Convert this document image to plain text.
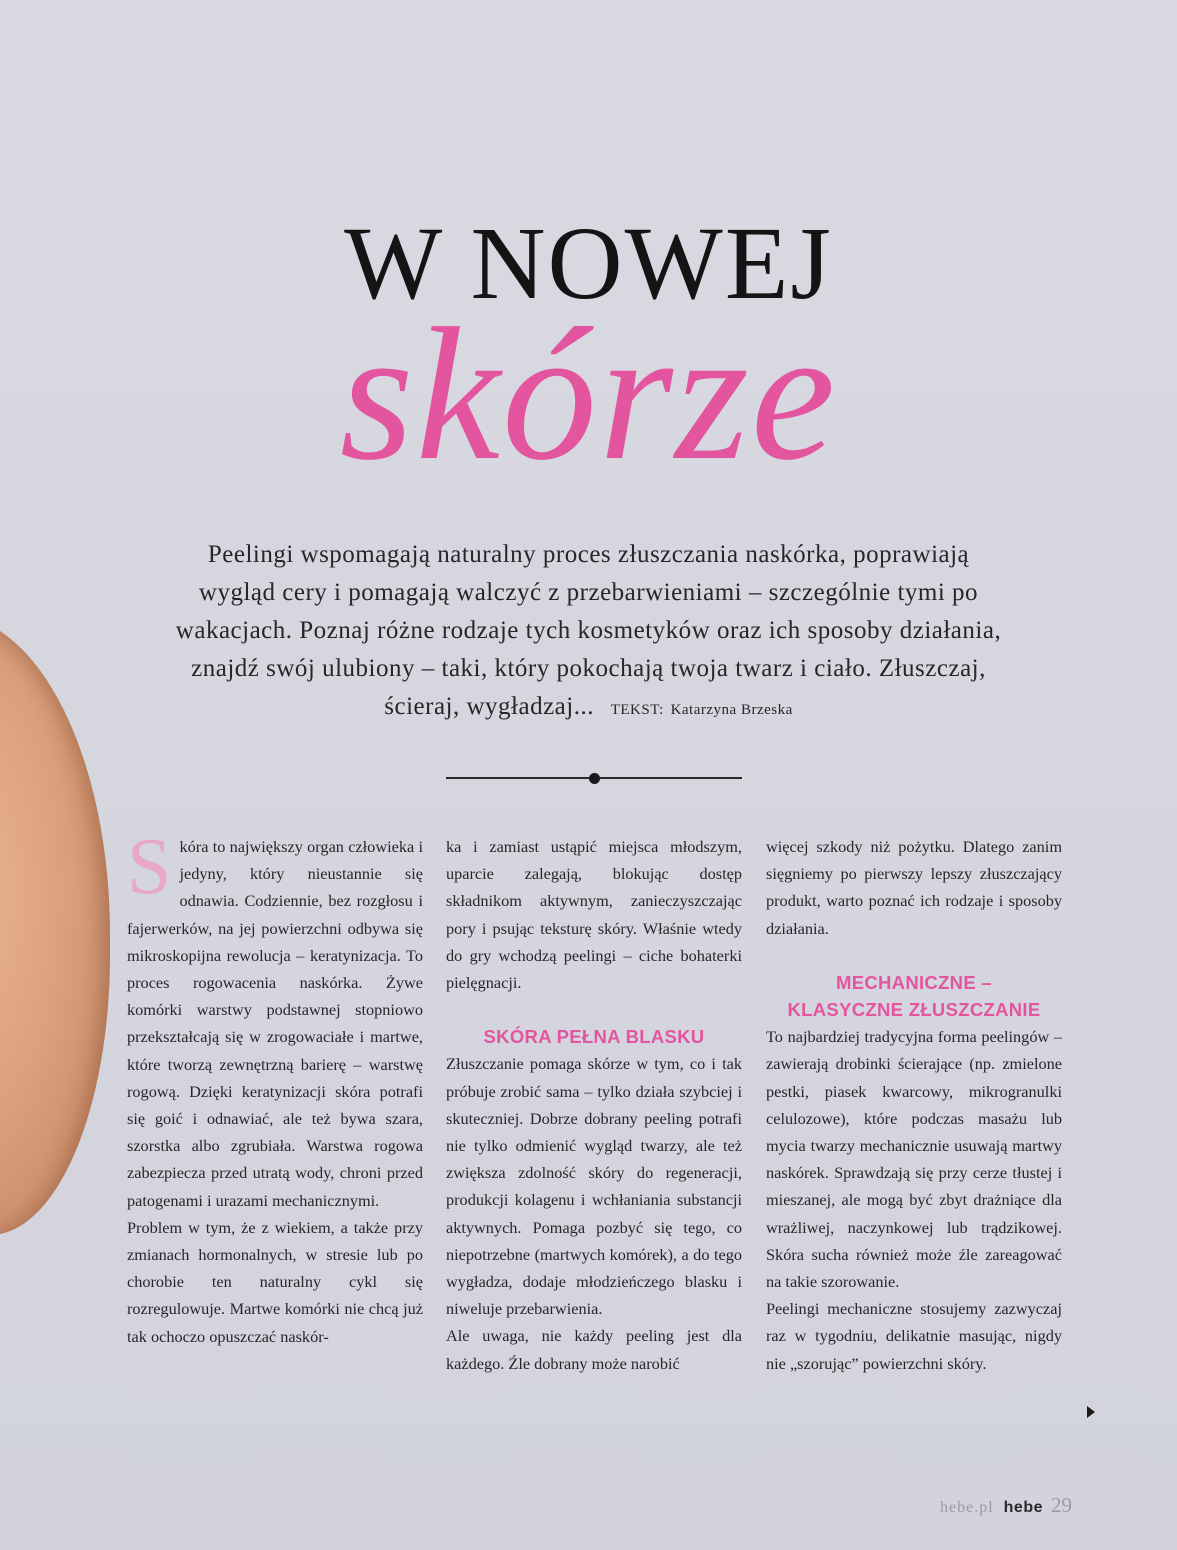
W NOWEJ
skórze
Peelingi wspomagają naturalny proces złuszczania naskórka, poprawiają wygląd cery i pomagają walczyć z przebarwieniami – szczególnie tymi po wakacjach. Poznaj różne rodzaje tych kosmetyków oraz ich sposoby działania, znajdź swój ulubiony – taki, który pokochają twoja twarz i ciało. Złuszczaj, ścieraj, wygładzaj... TEKST: Katarzyna Brzeska

Skóra to największy organ człowieka i jedyny, który nieustannie się odnawia. Codziennie, bez rozgłosu i fajerwerków, na jej powierzchni odbywa się mikroskopijna rewolucja – keratynizacja. To proces rogowacenia naskórka. Żywe komórki warstwy podstawnej stopniowo przekształcają się w zrogowaciałe i martwe, które tworzą zewnętrzną barierę – warstwę rogową. Dzięki keratynizacji skóra potrafi się goić i odnawiać, ale też bywa szara, szorstka albo zgrubiała. Warstwa rogowa zabezpiecza przed utratą wody, chroni przed patogenami i urazami mechanicznymi.

Problem w tym, że z wiekiem, a także przy zmianach hormonalnych, w stresie lub po chorobie ten naturalny cykl się rozregulowuje. Martwe komórki nie chcą już tak ochoczo opuszczać naskór-

ka i zamiast ustąpić miejsca młodszym, uparcie zalegają, blokując dostęp składnikom aktywnym, zanieczyszczając pory i psując teksturę skóry. Właśnie wtedy do gry wchodzą peelingi – ciche bohaterki pielęgnacji.

SKÓRA PEŁNA BLASKU

Złuszczanie pomaga skórze w tym, co i tak próbuje zrobić sama – tylko działa szybciej i skuteczniej. Dobrze dobrany peeling potrafi nie tylko odmienić wygląd twarzy, ale też zwiększa zdolność skóry do regeneracji, produkcji kolagenu i wchłaniania substancji aktywnych. Pomaga pozbyć się tego, co niepotrzebne (martwych komórek), a do tego wygładza, dodaje młodzieńczego blasku i niweluje przebarwienia.

Ale uwaga, nie każdy peeling jest dla każdego. Źle dobrany może narobić

więcej szkody niż pożytku. Dlatego zanim sięgniemy po pierwszy lepszy złuszczający produkt, warto poznać ich rodzaje i sposoby działania.

MECHANICZNE –
KLASYCZNE ZŁUSZCZANIE

To najbardziej tradycyjna forma peelingów – zawierają drobinki ścierające (np. zmielone pestki, piasek kwarcowy, mikrogranulki celulozowe), które podczas masażu lub mycia twarzy mechanicznie usuwają martwy naskórek. Sprawdzają się przy cerze tłustej i mieszanej, ale mogą być zbyt drażniące dla wrażliwej, naczynkowej lub trądzikowej. Skóra sucha również może źle zareagować na takie szorowanie.

Peelingi mechaniczne stosujemy zazwyczaj raz w tygodniu, delikatnie masując, nigdy nie „szorując” powierzchni skóry.

hebe.pl hebe 29
